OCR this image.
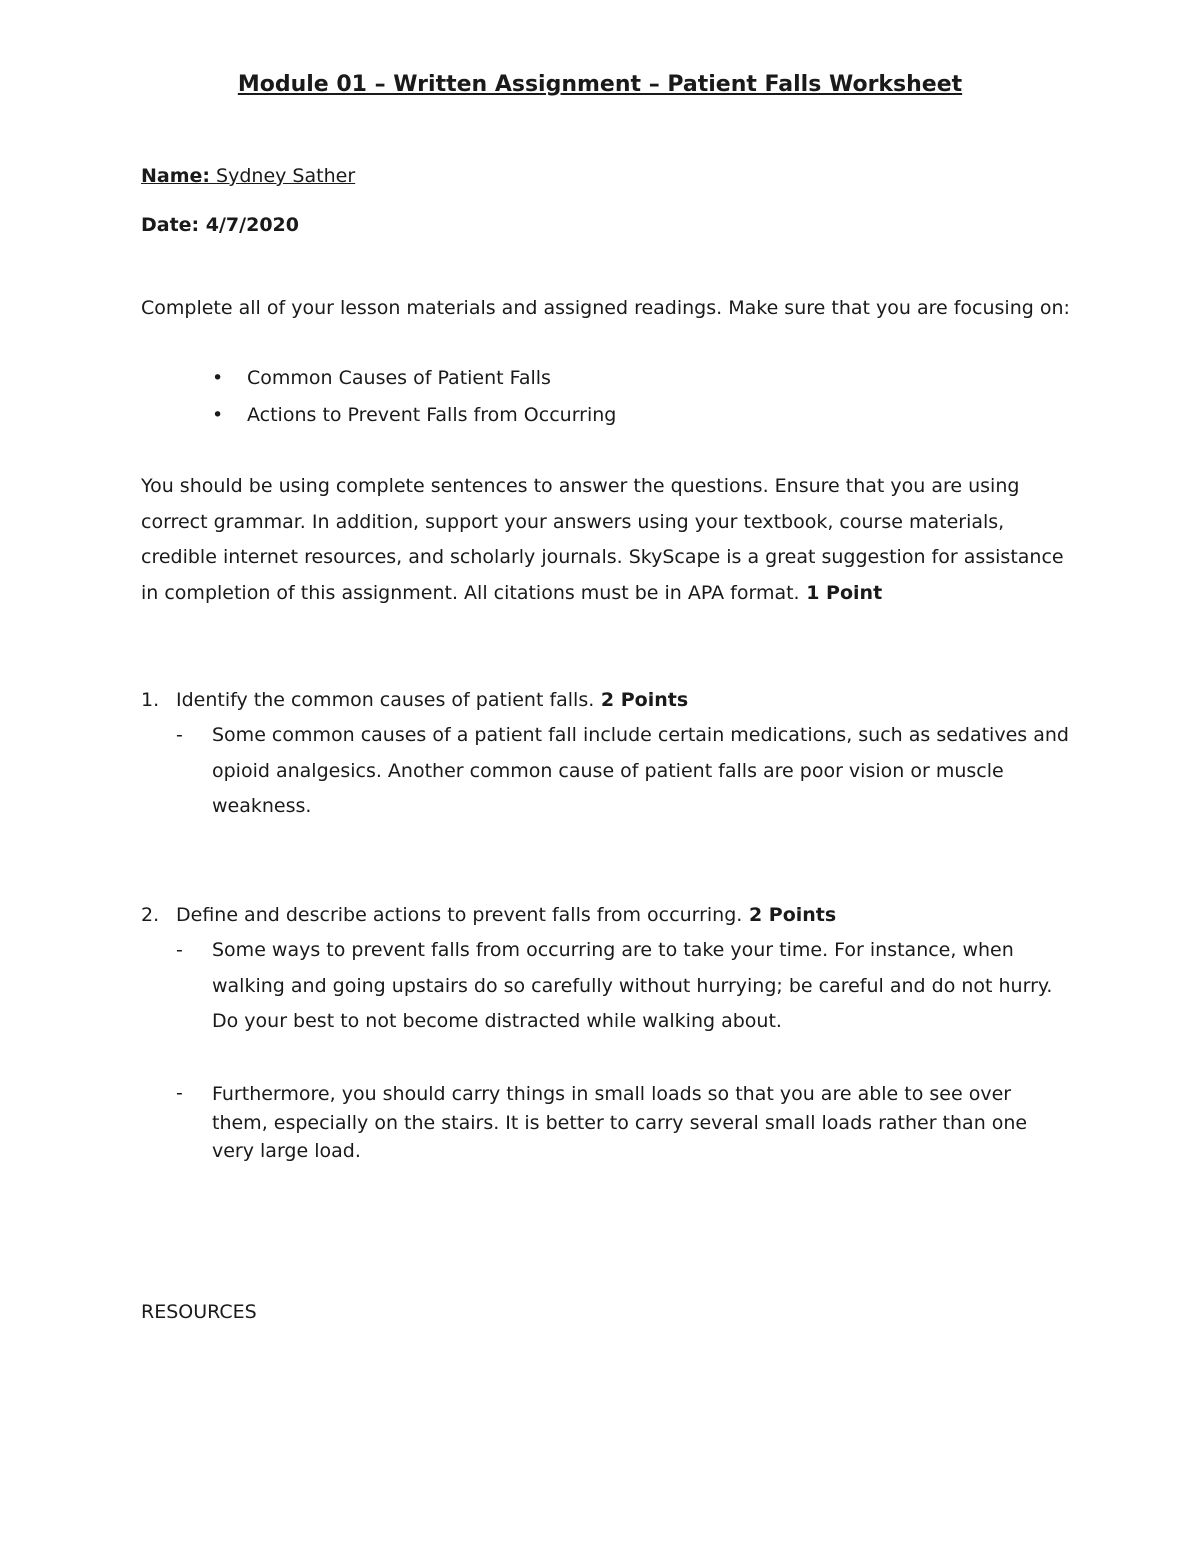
Module 01 – Written Assignment – Patient Falls Worksheet

Name: Sydney Sather

Date: 4/7/2020

Complete all of your lesson materials and assigned readings. Make sure that you are focusing on:

• Common Causes of Patient Falls
• Actions to Prevent Falls from Occurring

You should be using complete sentences to answer the questions. Ensure that you are using correct grammar. In addition, support your answers using your textbook, course materials, credible internet resources, and scholarly journals. SkyScape is a great suggestion for assistance in completion of this assignment. All citations must be in APA format. 1 Point

1. Identify the common causes of patient falls. 2 Points

- Some common causes of a patient fall include certain medications, such as sedatives and opioid analgesics. Another common cause of patient falls are poor vision or muscle weakness.

2. Define and describe actions to prevent falls from occurring. 2 Points

- Some ways to prevent falls from occurring are to take your time. For instance, when walking and going upstairs do so carefully without hurrying; be careful and do not hurry. Do your best to not become distracted while walking about.

- Furthermore, you should carry things in small loads so that you are able to see over them, especially on the stairs. It is better to carry several small loads rather than one very large load.

RESOURCES
